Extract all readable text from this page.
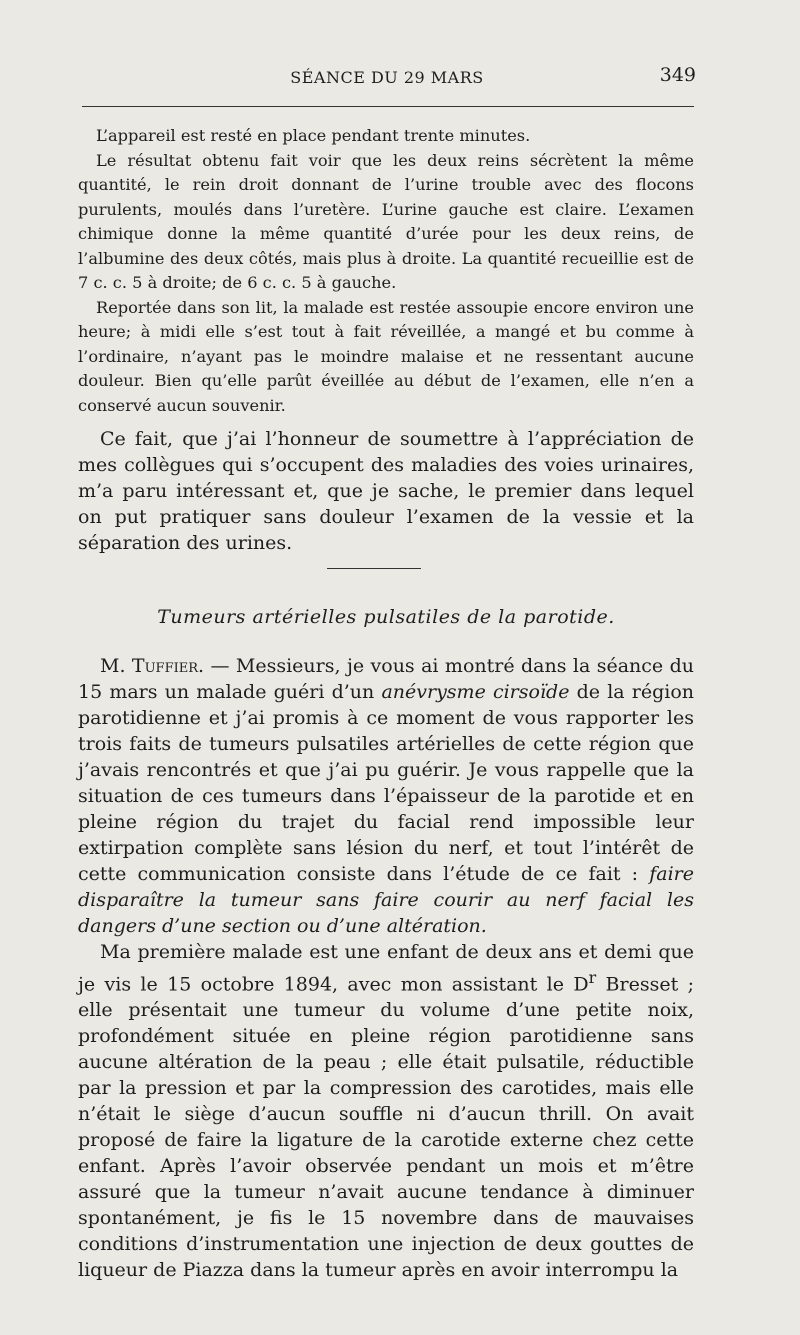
SÉANCE DU 29 MARS	349

L’appareil est resté en place pendant trente minutes.

Le résultat obtenu fait voir que les deux reins sécrètent la même quantité, le rein droit donnant de l’urine trouble avec des flocons purulents, moulés dans l’uretère. L’urine gauche est claire. L’examen chimique donne la même quantité d’urée pour les deux reins, de l’albumine des deux côtés, mais plus à droite. La quantité recueillie est de 7 c. c. 5 à droite; de 6 c. c. 5 à gauche.

Reportée dans son lit, la malade est restée assoupie encore environ une heure; à midi elle s’est tout à fait réveillée, a mangé et bu comme à l’ordinaire, n’ayant pas le moindre malaise et ne ressentant aucune douleur. Bien qu’elle parût éveillée au début de l’examen, elle n’en a conservé aucun souvenir.

Ce fait, que j’ai l’honneur de soumettre à l’appréciation de mes collègues qui s’occupent des maladies des voies urinaires, m’a paru intéressant et, que je sache, le premier dans lequel on put pratiquer sans douleur l’examen de la vessie et la séparation des urines.

Tumeurs artérielles pulsatiles de la parotide.

M. Tuffier. — Messieurs, je vous ai montré dans la séance du 15 mars un malade guéri d’un anévrysme cirsoïde de la région parotidienne et j’ai promis à ce moment de vous rapporter les trois faits de tumeurs pulsatiles artérielles de cette région que j’avais rencontrés et que j’ai pu guérir. Je vous rappelle que la situation de ces tumeurs dans l’épaisseur de la parotide et en pleine région du trajet du facial rend impossible leur extirpation complète sans lésion du nerf, et tout l’intérêt de cette communication consiste dans l’étude de ce fait : faire disparaître la tumeur sans faire courir au nerf facial les dangers d’une section ou d’une altération.

Ma première malade est une enfant de deux ans et demi que je vis le 15 octobre 1894, avec mon assistant le $D^r$ Bresset ; elle présentait une tumeur du volume d’une petite noix, profondément située en pleine région parotidienne sans aucune altération de la peau ; elle était pulsatile, réductible par la pression et par la compression des carotides, mais elle n’était le siège d’aucun souffle ni d’aucun thrill. On avait proposé de faire la ligature de la carotide externe chez cette enfant. Après l’avoir observée pendant un mois et m’être assuré que la tumeur n’avait aucune tendance à diminuer spontanément, je fis le 15 novembre dans de mauvaises conditions d’instrumentation une injection de deux gouttes de liqueur de Piazza dans la tumeur après en avoir interrompu la
